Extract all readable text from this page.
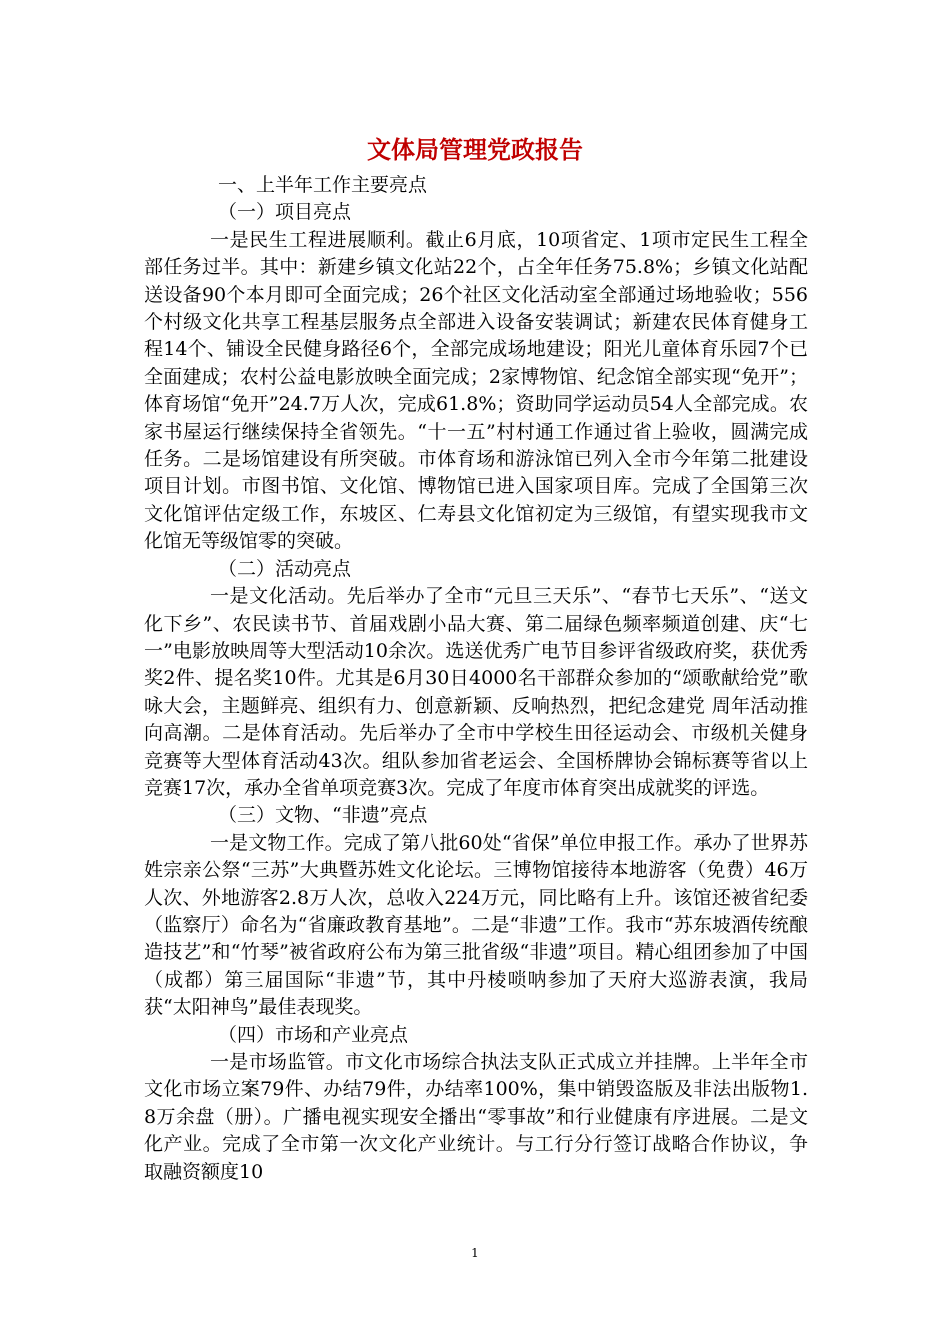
文体局管理党政报告

一、上半年工作主要亮点

（一）项目亮点

一是民生工程进展顺利。截止6月底，10项省定、1项市定民生工程全部任务过半。其中：新建乡镇文化站22个，占全年任务75.8%；乡镇文化站配送设备90个本月即可全面完成；26个社区文化活动室全部通过场地验收；556个村级文化共享工程基层服务点全部进入设备安装调试；新建农民体育健身工程14个、铺设全民健身路径6个，全部完成场地建设；阳光儿童体育乐园7个已全面建成；农村公益电影放映全面完成；2家博物馆、纪念馆全部实现“免开”；体育场馆“免开”24.7万人次，完成61.8%；资助同学运动员54人全部完成。农家书屋运行继续保持全省领先。“十一五”村村通工作通过省上验收，圆满完成任务。二是场馆建设有所突破。市体育场和游泳馆已列入全市今年第二批建设项目计划。市图书馆、文化馆、博物馆已进入国家项目库。完成了全国第三次文化馆评估定级工作，东坡区、仁寿县文化馆初定为三级馆，有望实现我市文化馆无等级馆零的突破。

（二）活动亮点

一是文化活动。先后举办了全市“元旦三天乐”、“春节七天乐”、“送文化下乡”、农民读书节、首届戏剧小品大赛、第二届绿色频率频道创建、庆“七一”电影放映周等大型活动10余次。选送优秀广电节目参评省级政府奖，获优秀奖2件、提名奖10件。尤其是6月30日4000名干部群众参加的“颂歌献给党”歌咏大会，主题鲜亮、组织有力、创意新颖、反响热烈，把纪念建党 周年活动推向高潮。二是体育活动。先后举办了全市中学校生田径运动会、市级机关健身竞赛等大型体育活动43次。组队参加省老运会、全国桥牌协会锦标赛等省以上竞赛17次，承办全省单项竞赛3次。完成了年度市体育突出成就奖的评选。

（三）文物、“非遗”亮点

一是文物工作。完成了第八批60处“省保”单位申报工作。承办了世界苏姓宗亲公祭“三苏”大典暨苏姓文化论坛。三博物馆接待本地游客（免费）46万人次、外地游客2.8万人次，总收入224万元，同比略有上升。该馆还被省纪委（监察厅）命名为“省廉政教育基地”。二是“非遗”工作。我市“苏东坡酒传统酿造技艺”和“竹琴”被省政府公布为第三批省级“非遗”项目。精心组团参加了中国（成都）第三届国际“非遗”节，其中丹棱唢呐参加了天府大巡游表演，我局获“太阳神鸟”最佳表现奖。

（四）市场和产业亮点

一是市场监管。市文化市场综合执法支队正式成立并挂牌。上半年全市文化市场立案79件、办结79件，办结率100%，集中销毁盗版及非法出版物1.8万余盘（册）。广播电视实现安全播出“零事故”和行业健康有序进展。二是文化产业。完成了全市第一次文化产业统计。与工行分行签订战略合作协议，争取融资额度10

1
